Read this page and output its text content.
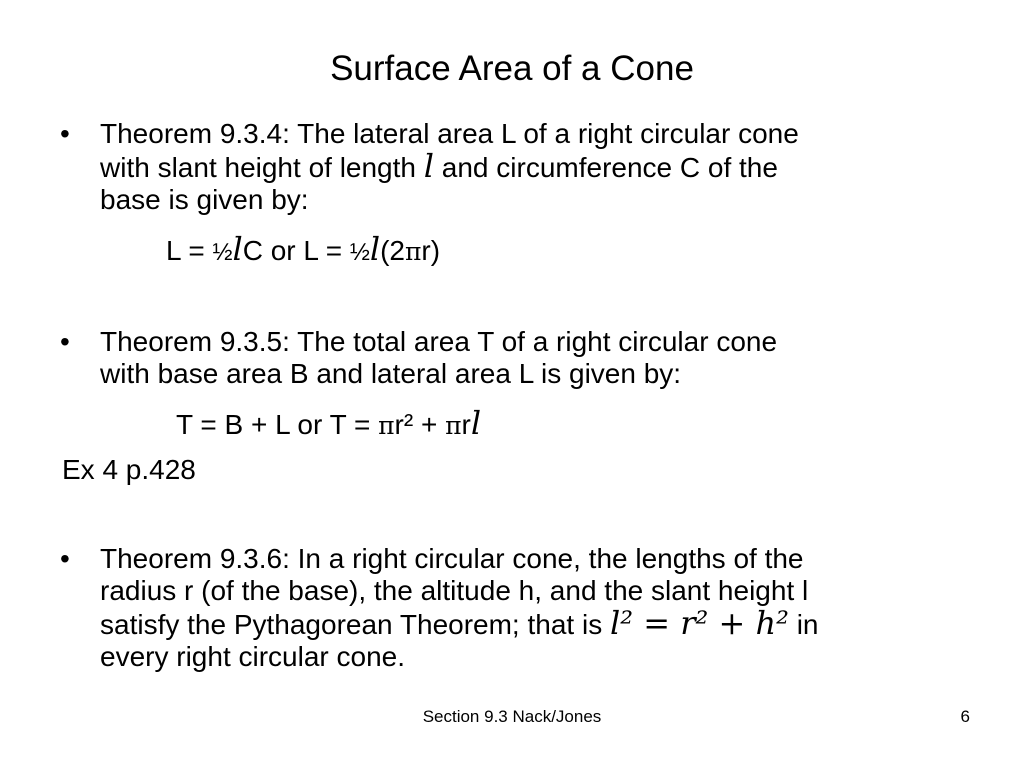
Surface Area of a Cone
• Theorem 9.3.4: The lateral area L of a right circular cone
with slant height of length l and circumference C of the
base is given by:
L = ½lC or L = ½l(2πr)
• Theorem 9.3.5: The total area T of a right circular cone
with base area B and lateral area L is given by:
T = B + L or T = πr² + πrl
Ex 4 p.428
• Theorem 9.3.6: In a right circular cone, the lengths of the
radius r (of the base), the altitude h, and the slant height l
satisfy the Pythagorean Theorem; that is l² = r² + h² in
every right circular cone.
Section 9.3 Nack/Jones	6
